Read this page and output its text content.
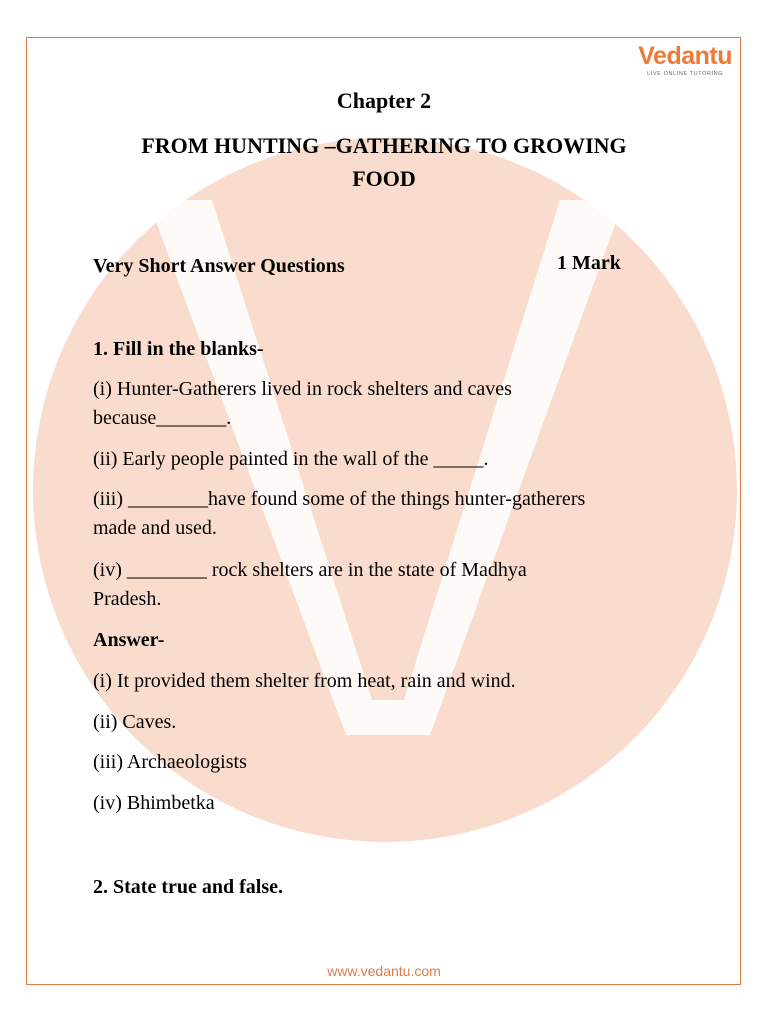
Vedantu
LIVE ONLINE TUTORING
Chapter 2
FROM HUNTING –GATHERING TO GROWING
FOOD
Very Short Answer Questions	1 Mark
1. Fill in the blanks-
(i) Hunter-Gatherers lived in rock shelters and caves
because_______.
(ii) Early people painted in the wall of the _____.
(iii) ________have found some of the things hunter-gatherers
made and used.
(iv) ________ rock shelters are in the state of Madhya
Pradesh.
Answer-
(i) It provided them shelter from heat, rain and wind.
(ii) Caves.
(iii) Archaeologists
(iv) Bhimbetka
2. State true and false.
www.vedantu.com
